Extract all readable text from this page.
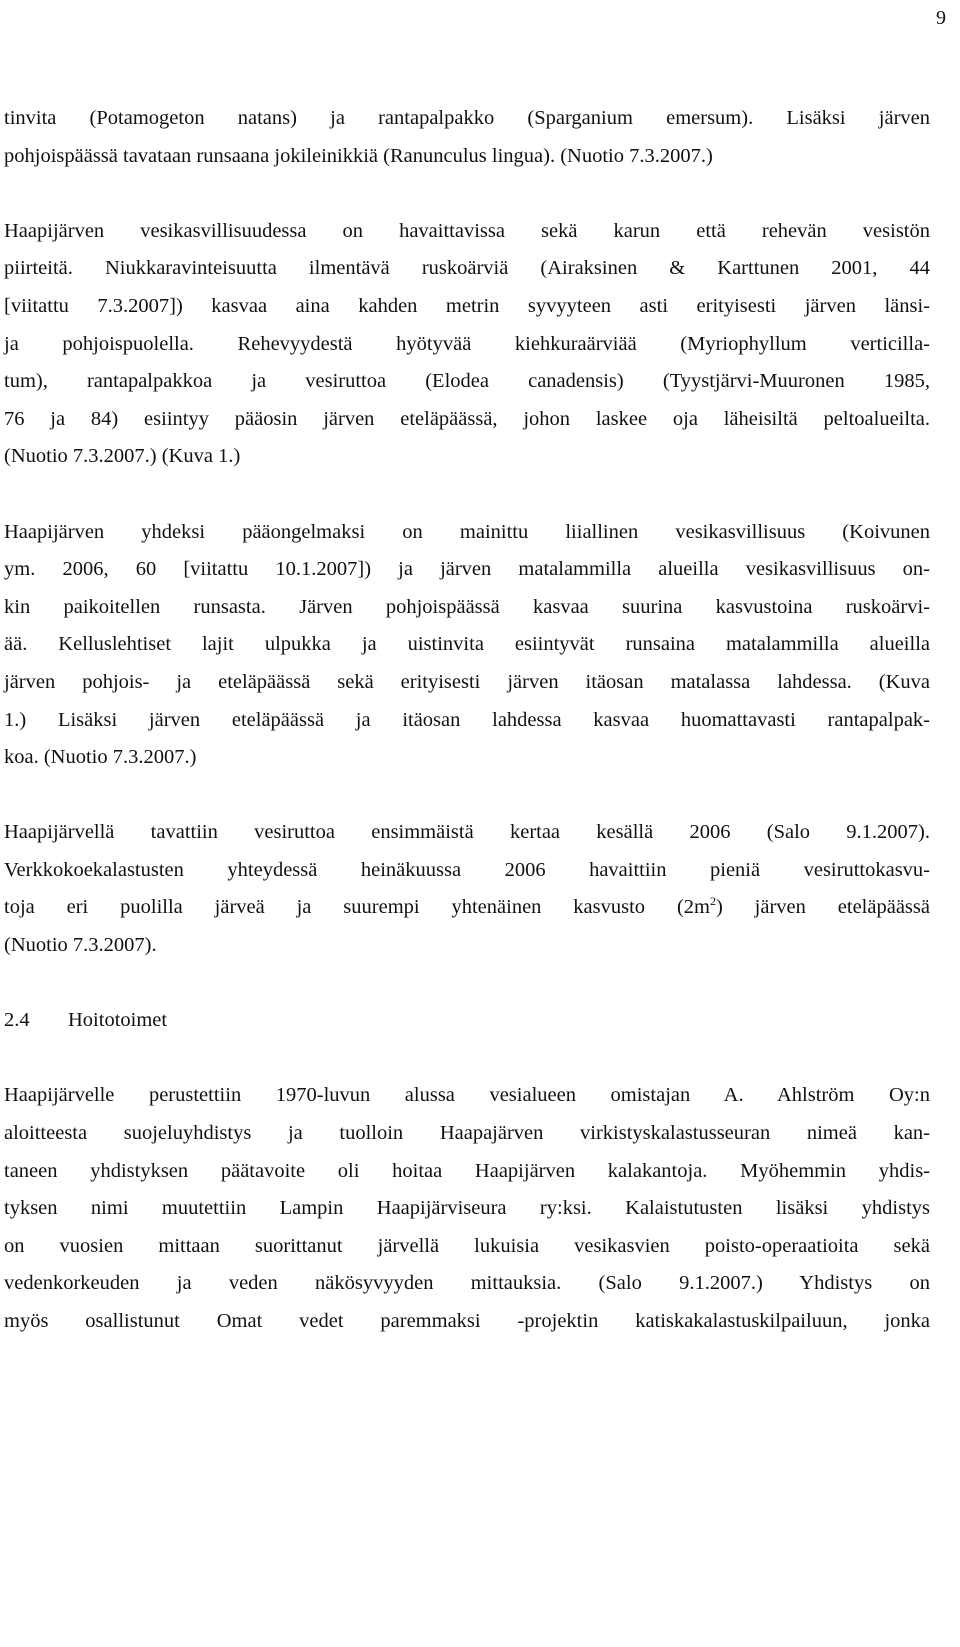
9

tinvita (Potamogeton natans) ja rantapalpakko (Sparganium emersum). Lisäksi järven
pohjoispäässä tavataan runsaana jokileinikkiä (Ranunculus lingua). (Nuotio 7.3.2007.)

Haapijärven vesikasvillisuudessa on havaittavissa sekä karun että rehevän vesistön
piirteitä. Niukkaravinteisuutta ilmentävä ruskoärviä (Airaksinen & Karttunen 2001, 44
[viitattu 7.3.2007]) kasvaa aina kahden metrin syvyyteen asti erityisesti järven länsi-
ja pohjoispuolella. Rehevyydestä hyötyvää kiehkuraärviää (Myriophyllum verticilla-
tum), rantapalpakkoa ja vesiruttoa (Elodea canadensis) (Tyystjärvi-Muuronen 1985,
76 ja 84) esiintyy pääosin järven eteläpäässä, johon laskee oja läheisiltä peltoalueilta.
(Nuotio 7.3.2007.) (Kuva 1.)

Haapijärven yhdeksi pääongelmaksi on mainittu liiallinen vesikasvillisuus (Koivunen
ym. 2006, 60 [viitattu 10.1.2007]) ja järven matalammilla alueilla vesikasvillisuus on-
kin paikoitellen runsasta. Järven pohjoispäässä kasvaa suurina kasvustoina ruskoärvi-
ää. Kelluslehtiset lajit ulpukka ja uistinvita esiintyvät runsaina matalammilla alueilla
järven pohjois- ja eteläpäässä sekä erityisesti järven itäosan matalassa lahdessa. (Kuva
1.) Lisäksi järven eteläpäässä ja itäosan lahdessa kasvaa huomattavasti rantapalpak-
koa. (Nuotio 7.3.2007.)

Haapijärvellä tavattiin vesiruttoa ensimmäistä kertaa kesällä 2006 (Salo 9.1.2007).
Verkkokoekalastusten yhteydessä heinäkuussa 2006 havaittiin pieniä vesiruttokasvu-
toja eri puolilla järveä ja suurempi yhtenäinen kasvusto $(2m^2)$ järven eteläpäässä
(Nuotio 7.3.2007).

2.4 Hoitotoimet

Haapijärvelle perustettiin 1970-luvun alussa vesialueen omistajan A. Ahlström Oy:n
aloitteesta suojeluyhdistys ja tuolloin Haapajärven virkistyskalastusseuran nimeä kan-
taneen yhdistyksen päätavoite oli hoitaa Haapijärven kalakantoja. Myöhemmin yhdis-
tyksen nimi muutettiin Lampin Haapijärviseura ry:ksi. Kalaistutusten lisäksi yhdistys
on vuosien mittaan suorittanut järvellä lukuisia vesikasvien poisto-operaatioita sekä
vedenkorkeuden ja veden näkösyvyyden mittauksia. (Salo 9.1.2007.) Yhdistys on
myös osallistunut Omat vedet paremmaksi -projektin katiskakalastuskilpailuun, jonka
